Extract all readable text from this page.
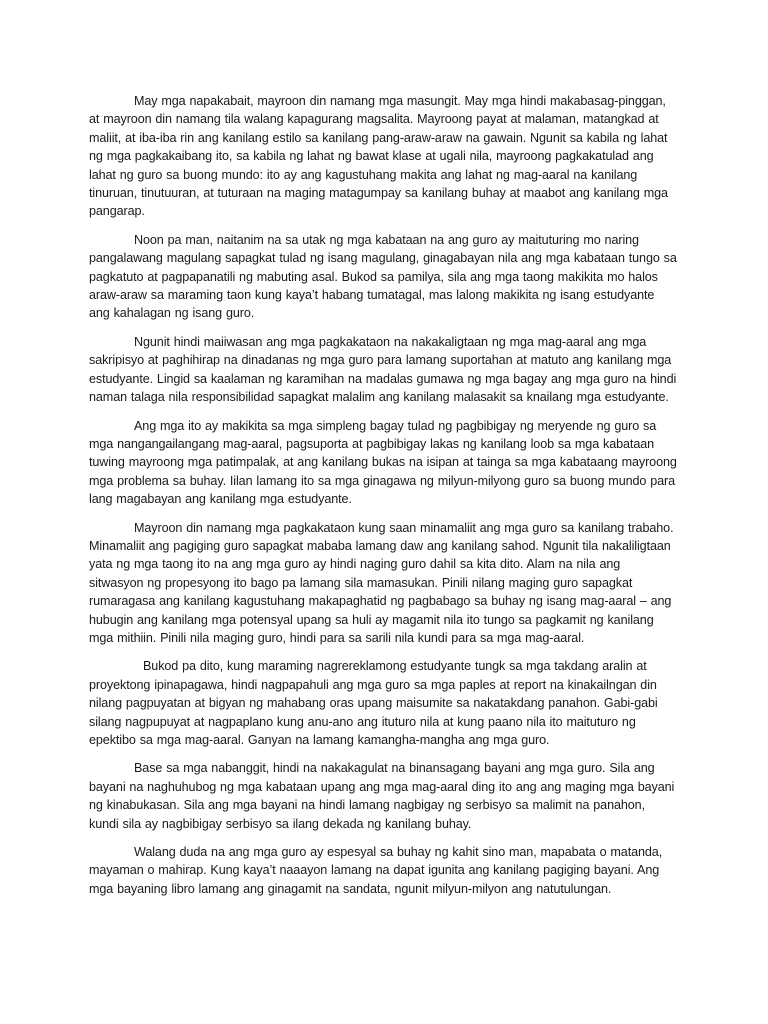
May mga napakabait, mayroon din namang mga masungit. May mga hindi makabasag-pinggan, at mayroon din namang tila walang kapagurang magsalita. Mayroong payat at malaman, matangkad at maliit, at iba-iba rin ang kanilang estilo sa kanilang pang-araw-araw na gawain. Ngunit sa kabila ng lahat ng mga pagkakaibang ito, sa kabila ng lahat ng bawat klase at ugali nila, mayroong pagkakatulad ang lahat ng guro sa buong mundo: ito ay ang kagustuhang makita ang lahat ng mag-aaral na kanilang tinuruan, tinutuuran, at tuturaan na maging matagumpay sa kanilang buhay at maabot ang kanilang mga pangarap.

Noon pa man, naitanim na sa utak ng mga kabataan na ang guro ay maituturing mo naring pangalawang magulang sapagkat tulad ng isang magulang, ginagabayan nila ang mga kabataan tungo sa pagkatuto at pagpapanatili ng mabuting asal. Bukod sa pamilya, sila ang mga taong makikita mo halos araw-araw sa maraming taon kung kaya’t habang tumatagal, mas lalong makikita ng isang estudyante ang kahalagan ng isang guro.

Ngunit hindi maiiwasan ang mga pagkakataon na nakakaligtaan ng mga mag-aaral ang mga sakripisyo at paghihirap na dinadanas ng mga guro para lamang suportahan at matuto ang kanilang mga estudyante. Lingid sa kaalaman ng karamihan na madalas gumawa ng mga bagay ang mga guro na hindi naman talaga nila responsibilidad sapagkat malalim ang kanilang malasakit sa knailang mga estudyante.

Ang mga ito ay makikita sa mga simpleng bagay tulad ng pagbibigay ng meryende ng guro sa mga nangangailangang mag-aaral, pagsuporta at pagbibigay lakas ng kanilang loob sa mga kabataan tuwing mayroong mga patimpalak, at ang kanilang bukas na isipan at tainga sa mga kabataang mayroong mga problema sa buhay. Iilan lamang ito sa mga ginagawa ng milyun-milyong guro sa buong mundo para lang magabayan ang kanilang mga estudyante.

Mayroon din namang mga pagkakataon kung saan minamaliit ang mga guro sa kanilang trabaho. Minamaliit ang pagiging guro sapagkat mababa lamang daw ang kanilang sahod. Ngunit tila nakaliligtaan yata ng mga taong ito na ang mga guro ay hindi naging guro dahil sa kita dito. Alam na nila ang sitwasyon ng propesyong ito bago pa lamang sila mamasukan. Pinili nilang maging guro sapagkat rumaragasa ang kanilang kagustuhang makapaghatid ng pagbabago sa buhay ng isang mag-aaral – ang hubugin ang kanilang mga potensyal upang sa huli ay magamit nila ito tungo sa pagkamit ng kanilang mga mithiin. Pinili nila maging guro, hindi para sa sarili nila kundi para sa mga mag-aaral.

Bukod pa dito, kung maraming nagrereklamong estudyante tungk sa mga takdang aralin at proyektong ipinapagawa, hindi nagpapahuli ang mga guro sa mga paples at report na kinakailngan din nilang pagpuyatan at bigyan ng mahabang oras upang maisumite sa nakatakdang panahon. Gabi-gabi silang nagpupuyat at nagpaplano kung anu-ano ang ituturo nila at kung paano nila ito maituturo ng epektibo sa mga mag-aaral. Ganyan na lamang kamangha-mangha ang mga guro.

Base sa mga nabanggit, hindi na nakakagulat na binansagang bayani ang mga guro. Sila ang bayani na naghuhubog ng mga kabataan upang ang mga mag-aaral ding ito ang ang maging mga bayani ng kinabukasan. Sila ang mga bayani na hindi lamang nagbigay ng serbisyo sa malimit na panahon, kundi sila ay nagbibigay serbisyo sa ilang dekada ng kanilang buhay.

Walang duda na ang mga guro ay espesyal sa buhay ng kahit sino man, mapabata o matanda, mayaman o mahirap. Kung kaya’t naaayon lamang na dapat igunita ang kanilang pagiging bayani. Ang mga bayaning libro lamang ang ginagamit na sandata, ngunit milyun-milyon ang natutulungan.
